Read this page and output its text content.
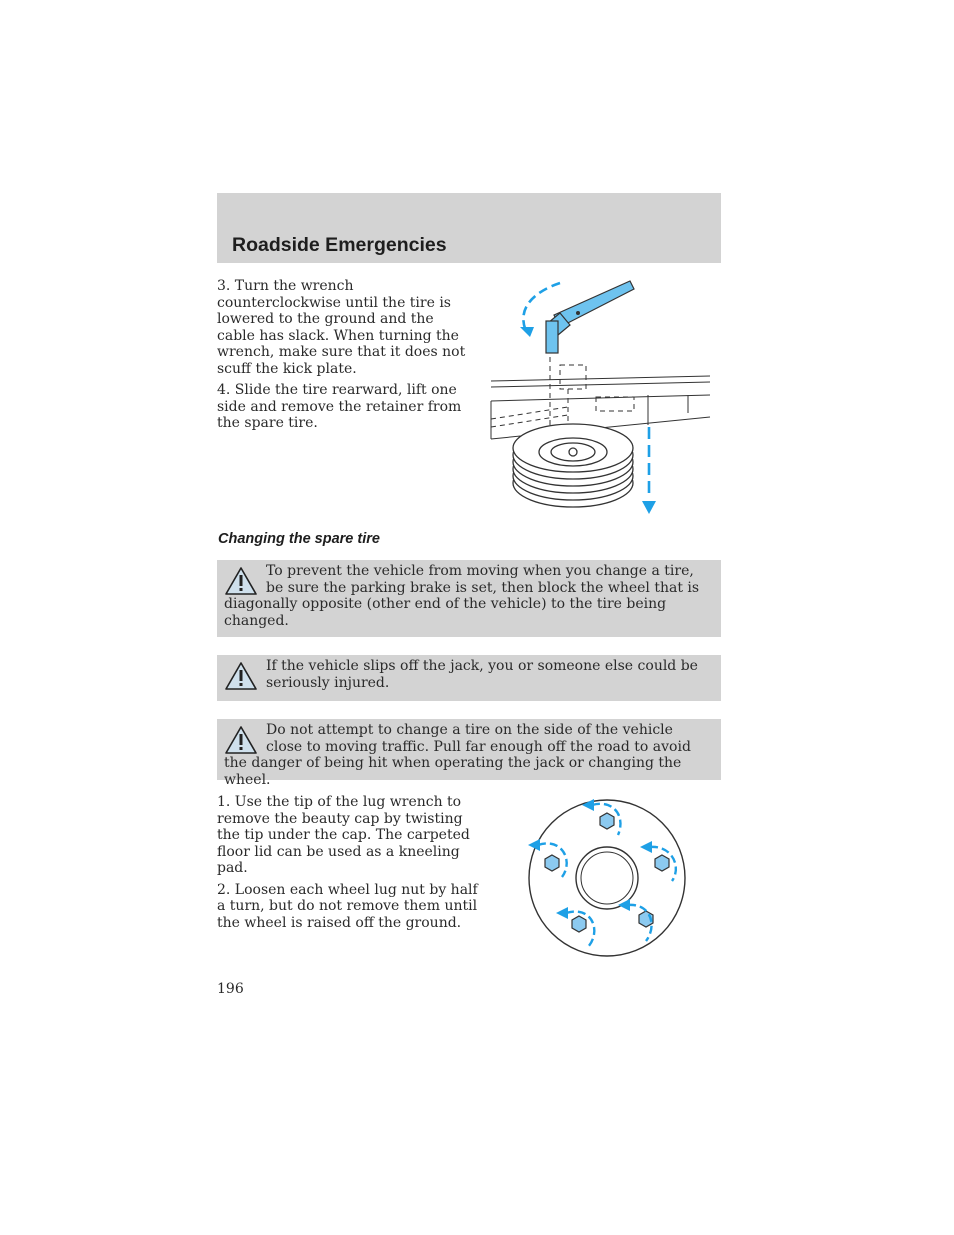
Roadside Emergencies

3. Turn the wrench counterclockwise until the tire is lowered to the ground and the cable has slack. When turning the wrench, make sure that it does not scuff the kick plate.

4. Slide the tire rearward, lift one side and remove the retainer from the spare tire.

Changing the spare tire
To prevent the vehicle from moving when you change a tire, be sure the parking brake is set, then block the wheel that is diagonally opposite (other end of the vehicle) to the tire being changed.
If the vehicle slips off the jack, you or someone else could be seriously injured.
Do not attempt to change a tire on the side of the vehicle close to moving traffic. Pull far enough off the road to avoid the danger of being hit when operating the jack or changing the wheel.

1. Use the tip of the lug wrench to remove the beauty cap by twisting the tip under the cap. The carpeted floor lid can be used as a kneeling pad.

2. Loosen each wheel lug nut by half a turn, but do not remove them until the wheel is raised off the ground.

196
